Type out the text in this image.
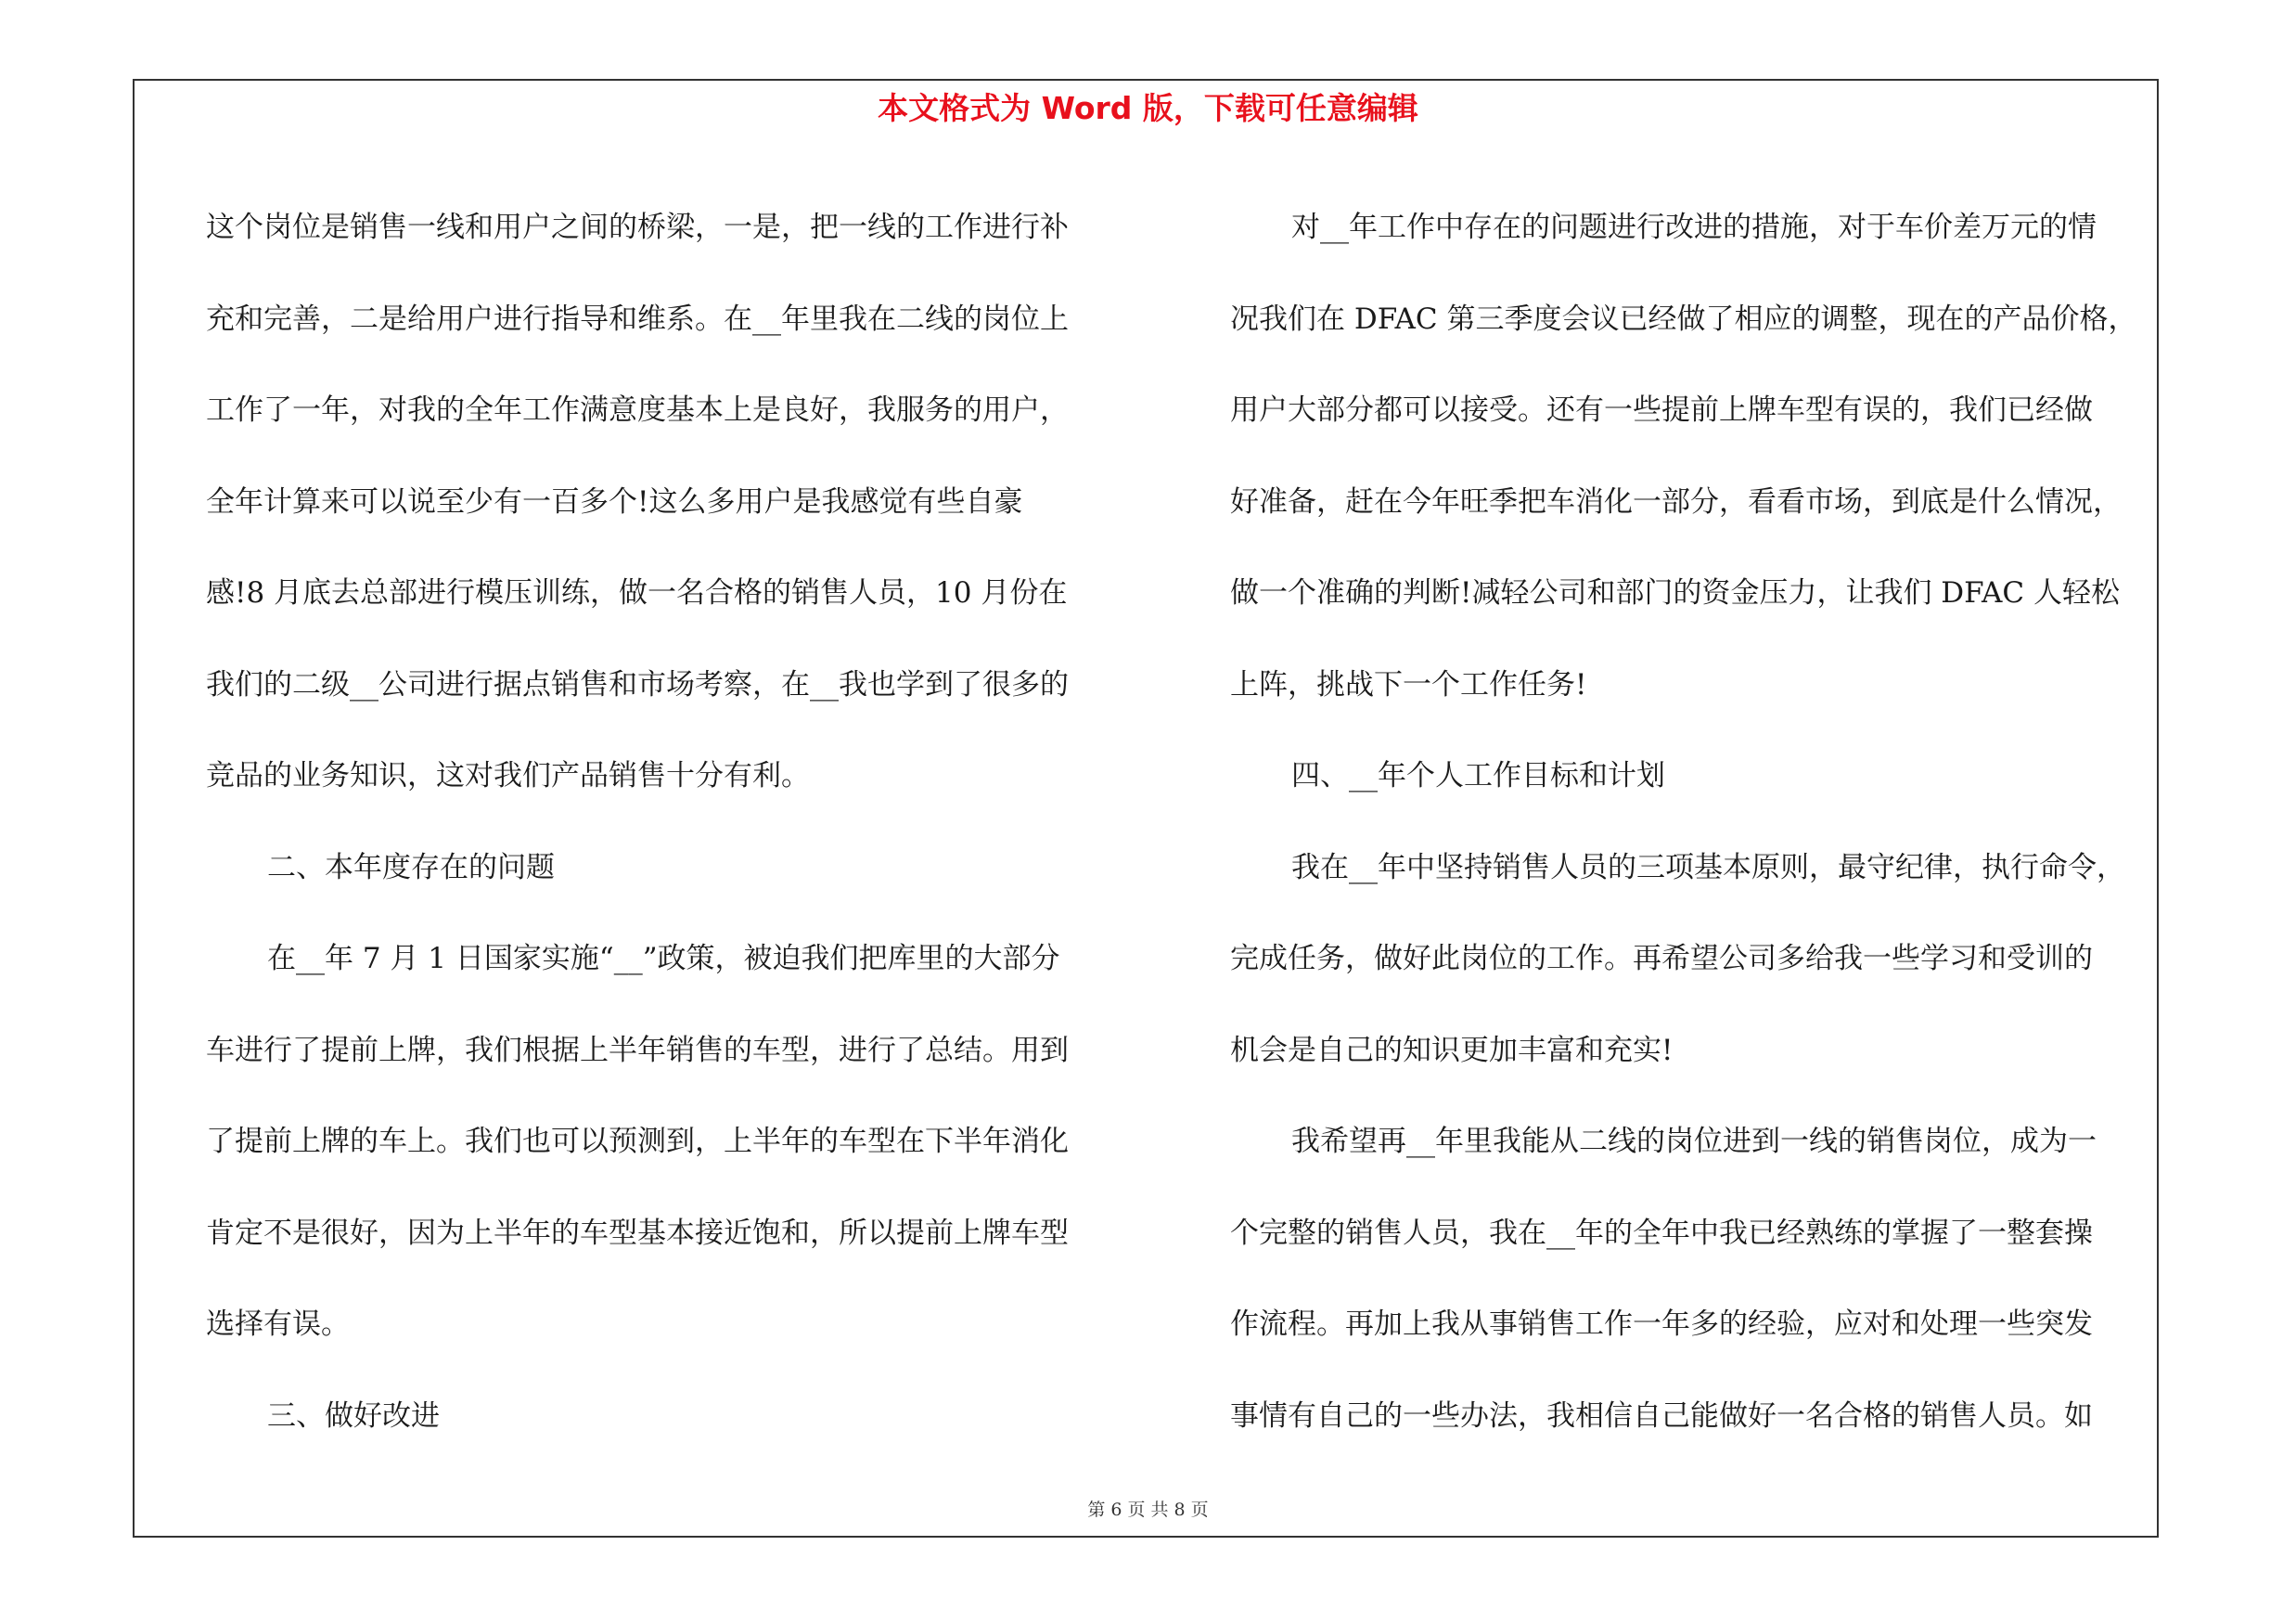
本文格式为 Word 版，下载可任意编辑
这个岗位是销售一线和用户之间的桥梁，一是，把一线的工作进行补
充和完善，二是给用户进行指导和维系。在__年里我在二线的岗位上
工作了一年，对我的全年工作满意度基本上是良好，我服务的用户，
全年计算来可以说至少有一百多个!这么多用户是我感觉有些自豪
感!8 月底去总部进行模压训练，做一名合格的销售人员，10 月份在
我们的二级__公司进行据点销售和市场考察，在__我也学到了很多的
竞品的业务知识，这对我们产品销售十分有利。
二、本年度存在的问题
在__年 7 月 1 日国家实施“__”政策，被迫我们把库里的大部分
车进行了提前上牌，我们根据上半年销售的车型，进行了总结。用到
了提前上牌的车上。我们也可以预测到，上半年的车型在下半年消化
肯定不是很好，因为上半年的车型基本接近饱和，所以提前上牌车型
选择有误。
三、做好改进
对__年工作中存在的问题进行改进的措施，对于车价差万元的情
况我们在 DFAC 第三季度会议已经做了相应的调整，现在的产品价格，
用户大部分都可以接受。还有一些提前上牌车型有误的，我们已经做
好准备，赶在今年旺季把车消化一部分，看看市场，到底是什么情况，
做一个准确的判断!减轻公司和部门的资金压力，让我们 DFAC 人轻松
上阵，挑战下一个工作任务!
四、__年个人工作目标和计划
我在__年中坚持销售人员的三项基本原则，最守纪律，执行命令，
完成任务，做好此岗位的工作。再希望公司多给我一些学习和受训的
机会是自己的知识更加丰富和充实!
我希望再__年里我能从二线的岗位进到一线的销售岗位，成为一
个完整的销售人员，我在__年的全年中我已经熟练的掌握了一整套操
作流程。再加上我从事销售工作一年多的经验，应对和处理一些突发
事情有自己的一些办法，我相信自己能做好一名合格的销售人员。如
第 6 页 共 8 页
